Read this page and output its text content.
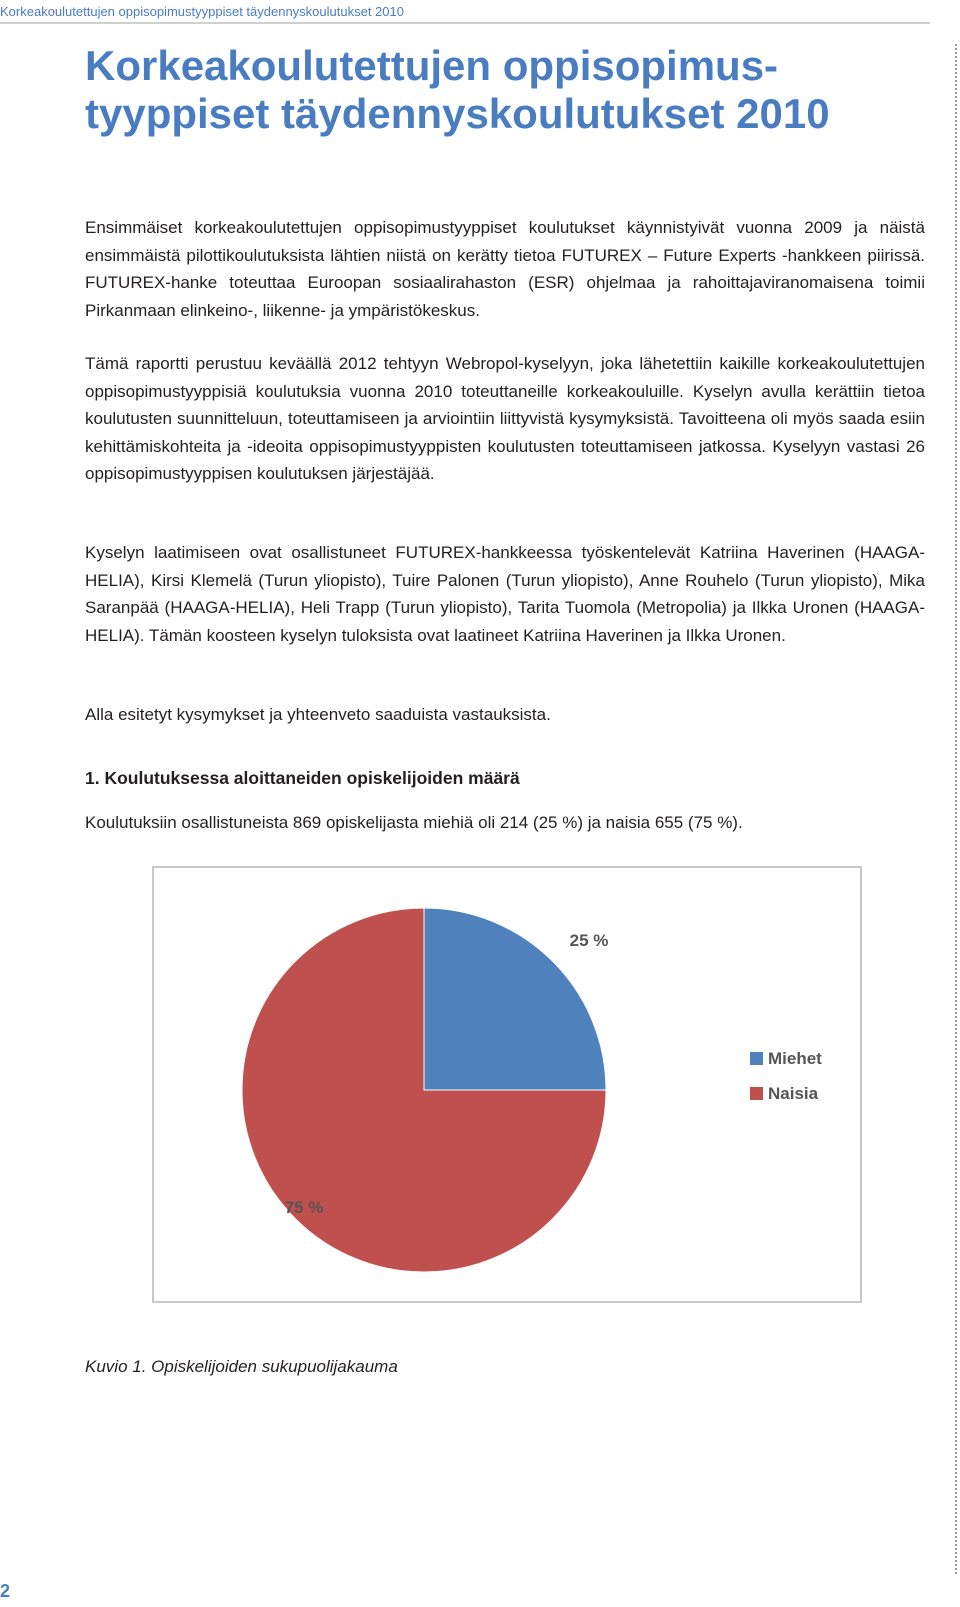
Korkeakoulutettujen oppisopimustyyppiset täydennyskoulutukset 2010
Korkeakoulutettujen oppisopimus-
tyyppiset täydennyskoulutukset 2010

Ensimmäiset korkeakoulutettujen oppisopimustyyppiset koulutukset käynnistyivät vuonna 2009 ja näistä ensimmäistä pilottikoulutuksista lähtien niistä on kerätty tietoa FUTUREX – Future Experts -hankkeen piirissä. FUTUREX-hanke toteuttaa Euroopan sosiaalirahaston (ESR) ohjelmaa ja rahoittajaviranomaisena toimii Pirkanmaan elinkeino-, liikenne- ja ympäristökeskus.

Tämä raportti perustuu keväällä 2012 tehtyyn Webropol-kyselyyn, joka lähetettiin kaikille korkeakoulutettujen oppisopimustyyppisiä koulutuksia vuonna 2010 toteuttaneille korkeakouluille. Kyselyn avulla kerättiin tietoa koulutusten suunnitteluun, toteuttamiseen ja arviointiin liittyvistä kysymyksistä. Tavoitteena oli myös saada esiin kehittämiskohteita ja -ideoita oppisopimustyyppisten koulutusten toteuttamiseen jatkossa. Kyselyyn vastasi 26 oppisopimustyyppisen koulutuksen järjestäjää.

Kyselyn laatimiseen ovat osallistuneet FUTUREX-hankkeessa työskentelevät Katriina Haverinen (HAAGA-HELIA), Kirsi Klemelä (Turun yliopisto), Tuire Palonen (Turun yliopisto), Anne Rouhelo (Turun yliopisto), Mika Saranpää (HAAGA-HELIA), Heli Trapp (Turun yliopisto), Tarita Tuomola (Metropolia) ja Ilkka Uronen (HAAGA-HELIA). Tämän koosteen kyselyn tuloksista ovat laatineet Katriina Haverinen ja Ilkka Uronen.

Alla esitetyt kysymykset ja yhteenveto saaduista vastauksista.

1. Koulutuksessa aloittaneiden opiskelijoiden määrä

Koulutuksiin osallistuneista 869 opiskelijasta miehiä oli 214 (25 %) ja naisia 655 (75 %).

25 %
75 %
Miehet
Naisia

Kuvio 1. Opiskelijoiden sukupuolijakauma

2
